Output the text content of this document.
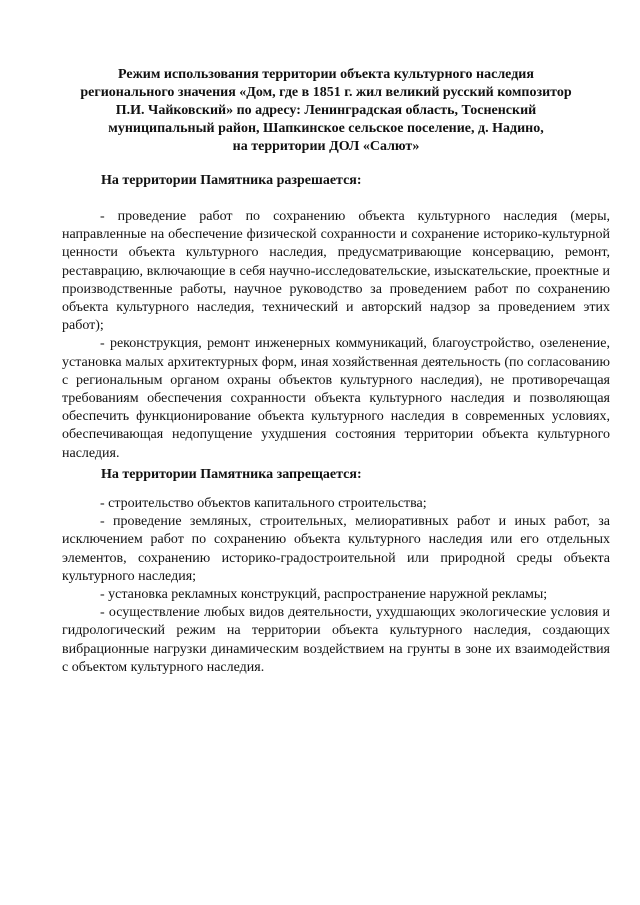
Режим использования территории объекта культурного наследия
регионального значения «Дом, где в 1851 г. жил великий русский композитор
П.И. Чайковский» по адресу: Ленинградская область, Тосненский
муниципальный район, Шапкинское сельское поселение, д. Надино,
на территории ДОЛ «Салют»
На территории Памятника разрешается:

- проведение работ по сохранению объекта культурного наследия (меры, направленные на обеспечение физической сохранности и сохранение историко-культурной ценности объекта культурного наследия, предусматривающие консервацию, ремонт, реставрацию, включающие в себя научно-исследовательские, изыскательские, проектные и производственные работы, научное руководство за проведением работ по сохранению объекта культурного наследия, технический и авторский надзор за проведением этих работ);

- реконструкция, ремонт инженерных коммуникаций, благоустройство, озеленение, установка малых архитектурных форм, иная хозяйственная деятельность (по согласованию с региональным органом охраны объектов культурного наследия), не противоречащая требованиям обеспечения сохранности объекта культурного наследия и позволяющая обеспечить функционирование объекта культурного наследия в современных условиях, обеспечивающая недопущение ухудшения состояния территории объекта культурного наследия.

На территории Памятника запрещается:

- строительство объектов капитального строительства;

- проведение земляных, строительных, мелиоративных работ и иных работ, за исключением работ по сохранению объекта культурного наследия или его отдельных элементов, сохранению историко-градостроительной или природной среды объекта культурного наследия;

- установка рекламных конструкций, распространение наружной рекламы;

- осуществление любых видов деятельности, ухудшающих экологические условия и гидрологический режим на территории объекта культурного наследия, создающих вибрационные нагрузки динамическим воздействием на грунты в зоне их взаимодействия с объектом культурного наследия.
